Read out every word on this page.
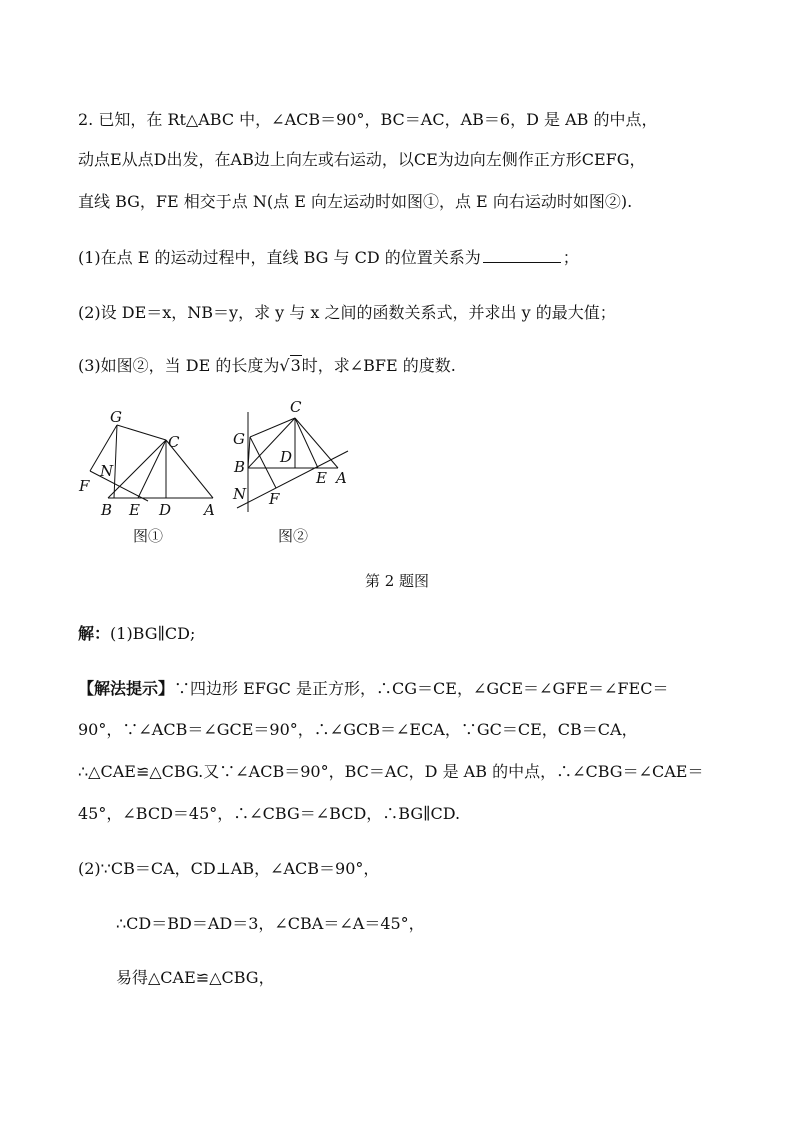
2. 已知，在 Rt△ABC 中，∠ACB＝90°，BC＝AC，AB＝6，D 是 AB 的中点，
动点E从点D出发，在AB边上向左或右运动，以CE为边向左侧作正方形CEFG，
直线 BG，FE 相交于点 N(点 E 向左运动时如图①，点 E 向右运动时如图②).
(1)在点 E 的运动过程中，直线 BG 与 CD 的位置关系为	；
(2)设 DE＝x，NB＝y，求 y 与 x 之间的函数关系式，并求出 y 的最大值；
(3)如图②，当 DE 的长度为√3时，求∠BFE 的度数.
G
C
N
F
B E D A
图①
C
G
D
B
E A
N F
图②
第 2 题图
解：(1)BG∥CD;
【解法提示】∵四边形 EFGC 是正方形，∴CG＝CE，∠GCE＝∠GFE＝∠FEC＝
90°，∵∠ACB＝∠GCE＝90°，∴∠GCB＝∠ECA，∵GC＝CE，CB＝CA，
∴△CAE≌△CBG.又∵∠ACB＝90°，BC＝AC，D 是 AB 的中点，∴∠CBG＝∠CAE＝
45°，∠BCD＝45°，∴∠CBG＝∠BCD，∴BG∥CD.
(2)∵CB＝CA，CD⊥AB，∠ACB＝90°，
∴CD＝BD＝AD＝3，∠CBA＝∠A＝45°，
易得△CAE≌△CBG，
